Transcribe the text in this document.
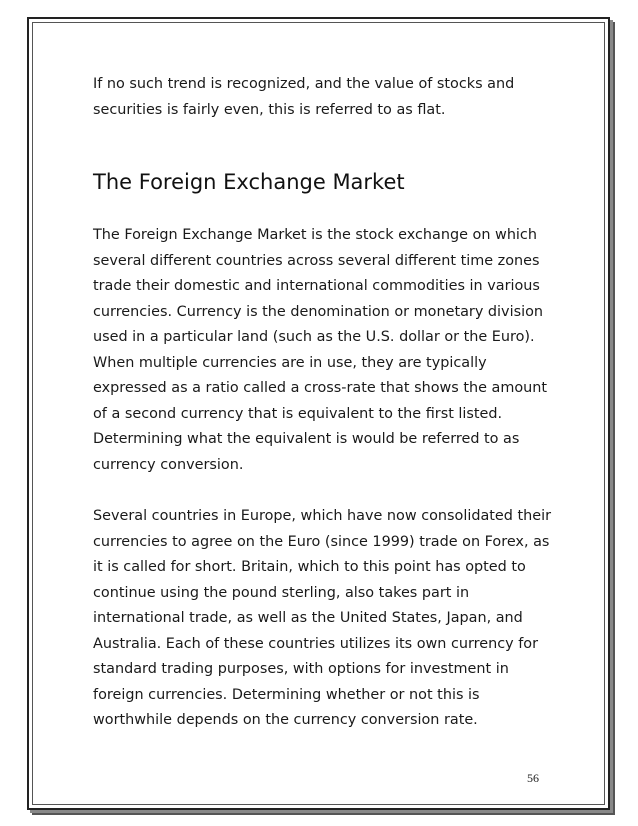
If no such trend is recognized, and the value of stocks and securities is fairly even, this is referred to as flat.

The Foreign Exchange Market

The Foreign Exchange Market is the stock exchange on which several different countries across several different time zones trade their domestic and international commodities in various currencies. Currency is the denomination or monetary division used in a particular land (such as the U.S. dollar or the Euro). When multiple currencies are in use, they are typically expressed as a ratio called a cross-rate that shows the amount of a second currency that is equivalent to the first listed. Determining what the equivalent is would be referred to as currency conversion.

Several countries in Europe, which have now consolidated their currencies to agree on the Euro (since 1999) trade on Forex, as it is called for short. Britain, which to this point has opted to continue using the pound sterling, also takes part in international trade, as well as the United States, Japan, and Australia. Each of these countries utilizes its own currency for standard trading purposes, with options for investment in foreign currencies. Determining whether or not this is worthwhile depends on the currency conversion rate.

56
